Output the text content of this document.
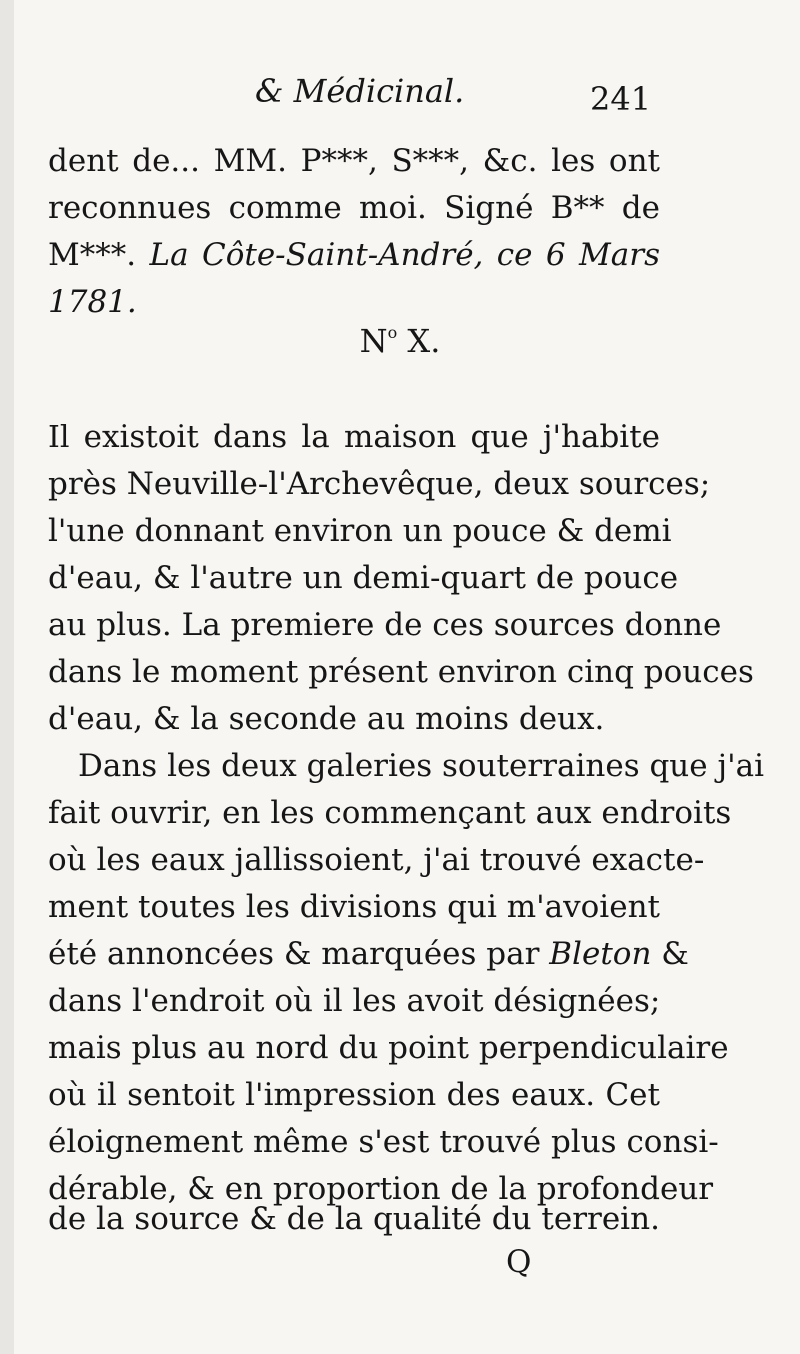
& Médicinal.	241
dent de... MM. P***, S***, &c. les ont
reconnues comme moi. Signé B** de
M***. La Côte-Saint-André, ce 6 Mars
1781.
$N^o$ X.
Il existoit dans la maison que j'habite
près Neuville-l'Archevêque, deux sources;
l'une donnant environ un pouce & demi
d'eau, & l'autre un demi-quart de pouce
au plus. La premiere de ces sources donne
dans le moment présent environ cinq pouces
d'eau, & la seconde au moins deux.
Dans les deux galeries souterraines que j'ai
fait ouvrir, en les commençant aux endroits
où les eaux jallissoient, j'ai trouvé exacte-
ment toutes les divisions qui m'avoient
été annoncées & marquées par Bleton &
dans l'endroit où il les avoit désignées;
mais plus au nord du point perpendiculaire
où il sentoit l'impression des eaux. Cet
éloignement même s'est trouvé plus consi-
dérable, & en proportion de la profondeur
de la source & de la qualité du terrein.
Q
